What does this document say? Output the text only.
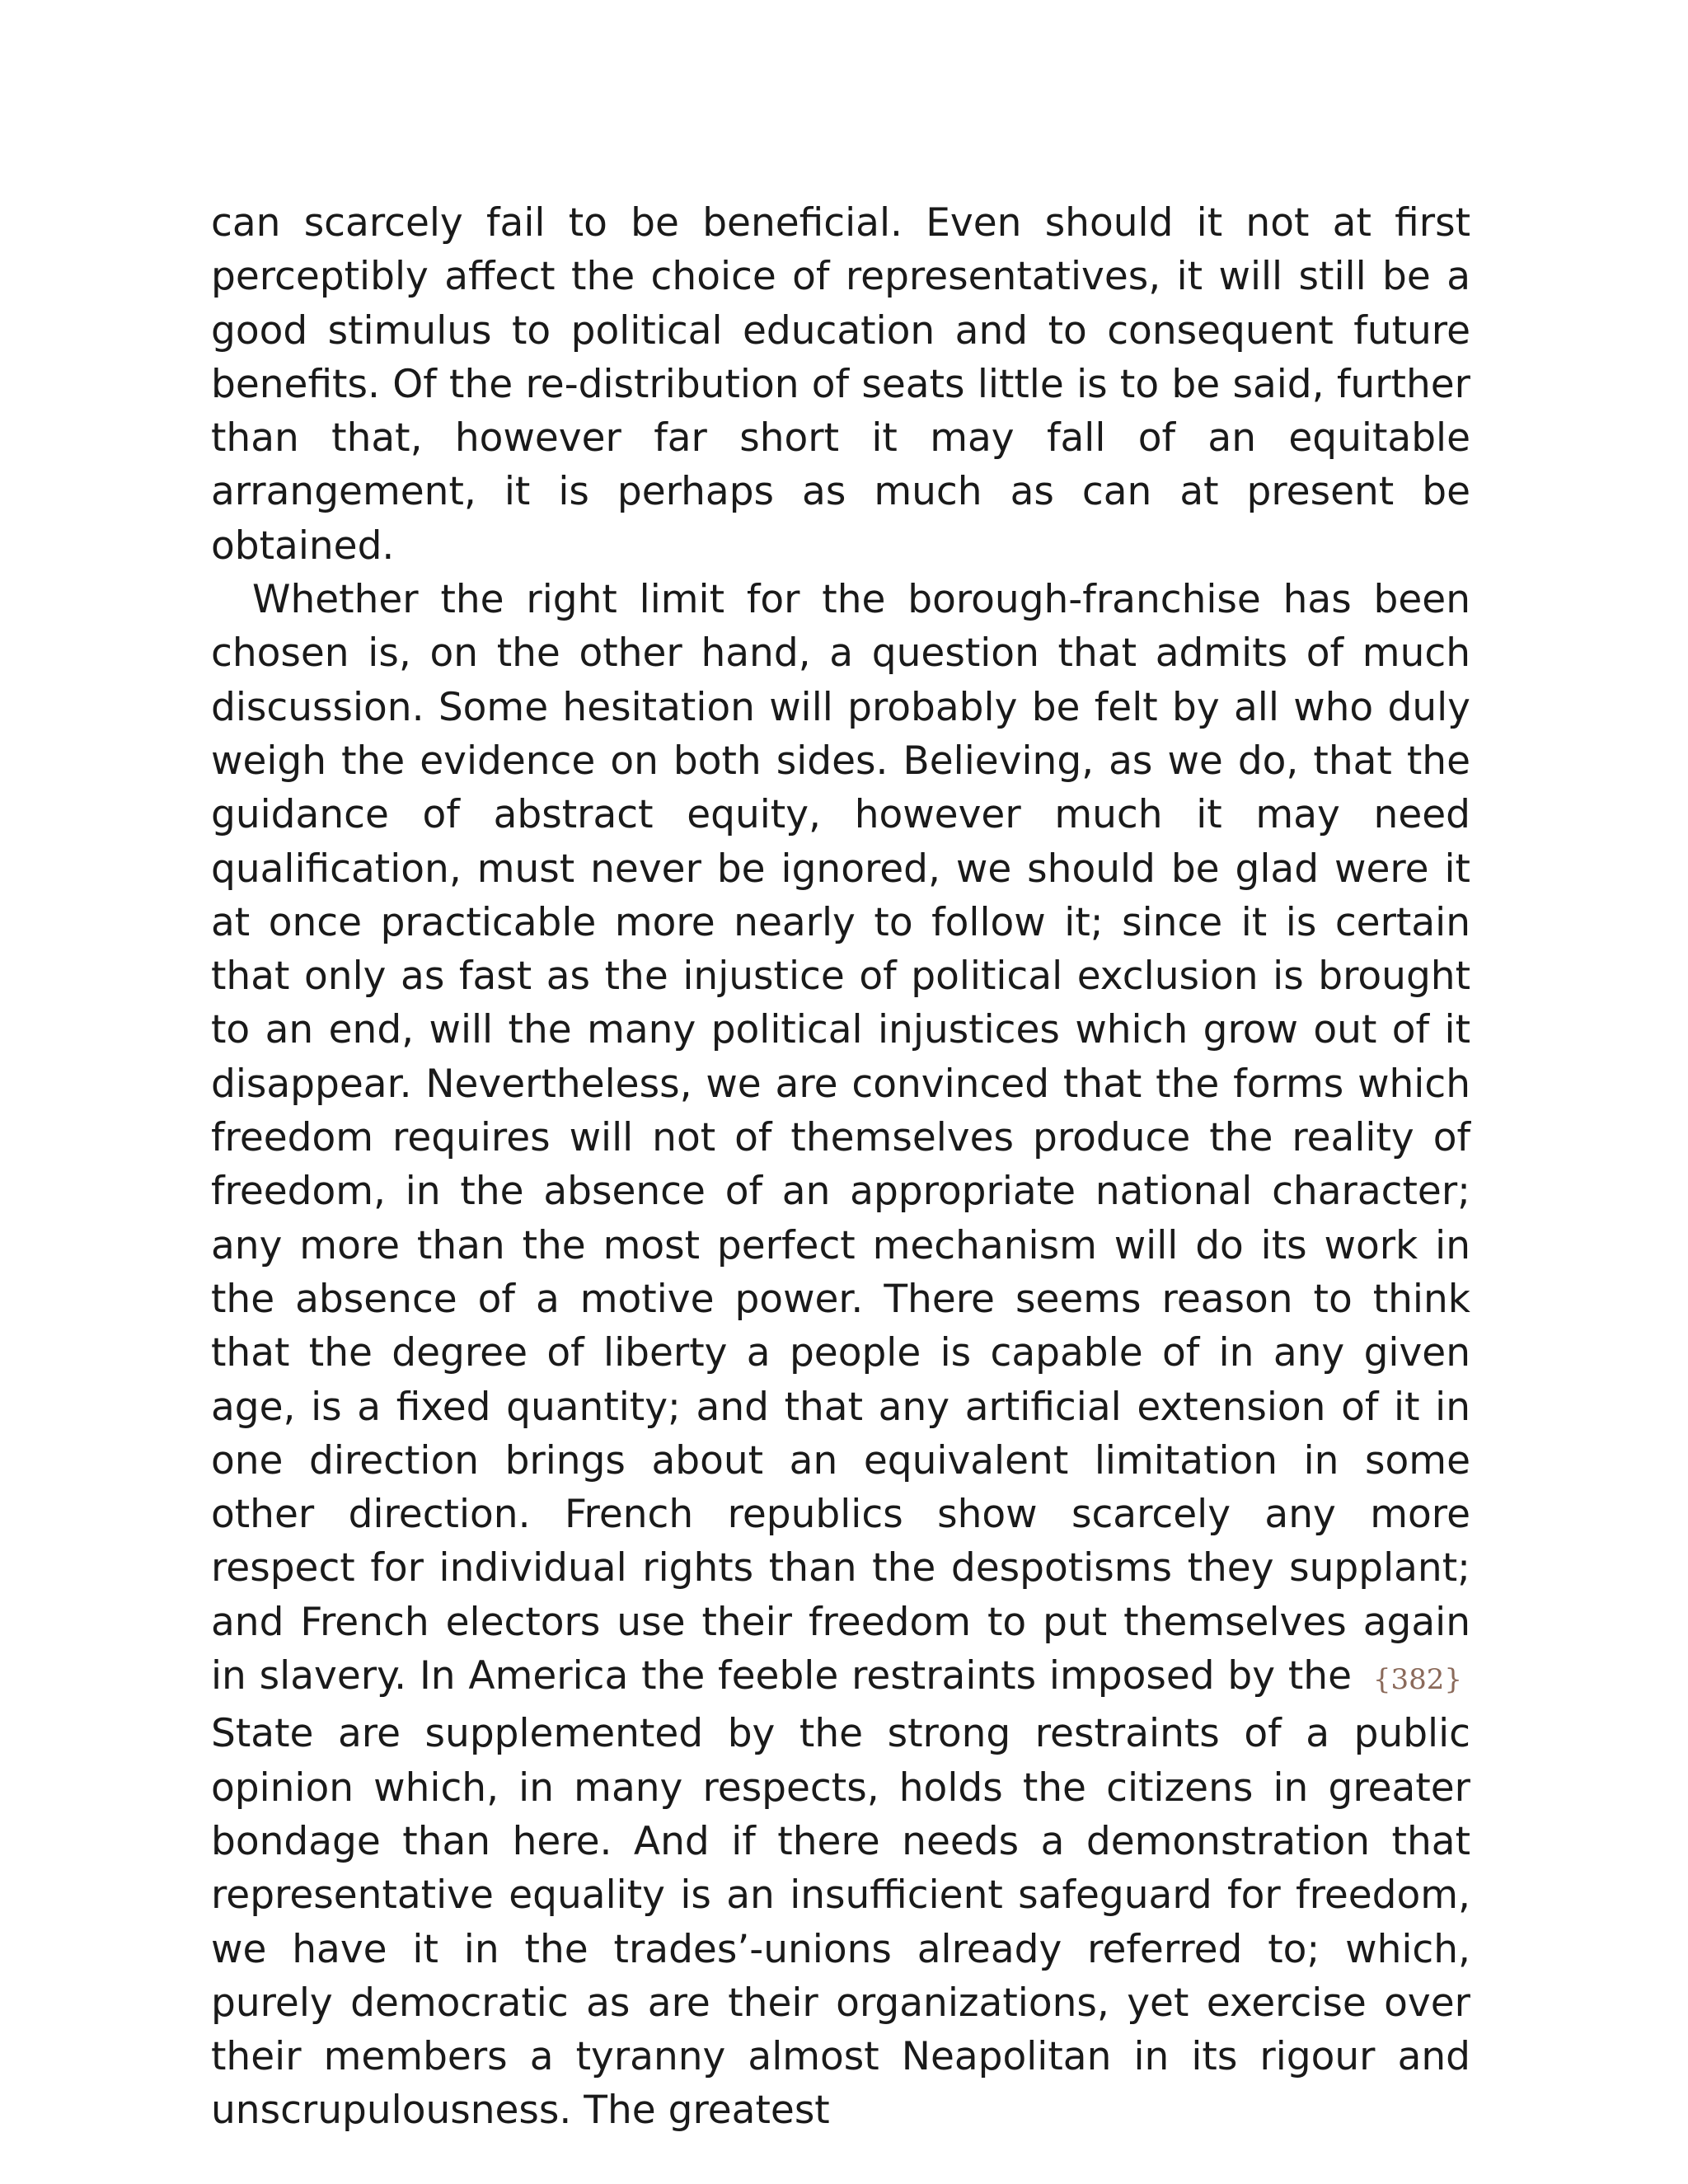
can scarcely fail to be beneficial. Even should it not at first perceptibly affect the choice of representatives, it will still be a good stimulus to political education and to consequent future benefits. Of the re-distribution of seats little is to be said, further than that, however far short it may fall of an equitable arrangement, it is perhaps as much as can at present be obtained.

Whether the right limit for the borough-franchise has been chosen is, on the other hand, a question that admits of much discussion. Some hesitation will probably be felt by all who duly weigh the evidence on both sides. Believing, as we do, that the guidance of abstract equity, however much it may need qualification, must never be ignored, we should be glad were it at once practicable more nearly to follow it; since it is certain that only as fast as the injustice of political exclusion is brought to an end, will the many political injustices which grow out of it disappear. Nevertheless, we are convinced that the forms which freedom requires will not of themselves produce the reality of freedom, in the absence of an appropriate national character; any more than the most perfect mechanism will do its work in the absence of a motive power. There seems reason to think that the degree of liberty a people is capable of in any given age, is a fixed quantity; and that any artificial extension of it in one direction brings about an equivalent limitation in some other direction. French republics show scarcely any more respect for individual rights than the despotisms they supplant; and French electors use their freedom to put themselves again in slavery. In America the feeble restraints imposed by the {382} State are supplemented by the strong restraints of a public opinion which, in many respects, holds the citizens in greater bondage than here. And if there needs a demonstration that representative equality is an insufficient safeguard for freedom, we have it in the trades’-unions already referred to; which, purely democratic as are their organizations, yet exercise over their members a tyranny almost Neapolitan in its rigour and unscrupulousness. The greatest
